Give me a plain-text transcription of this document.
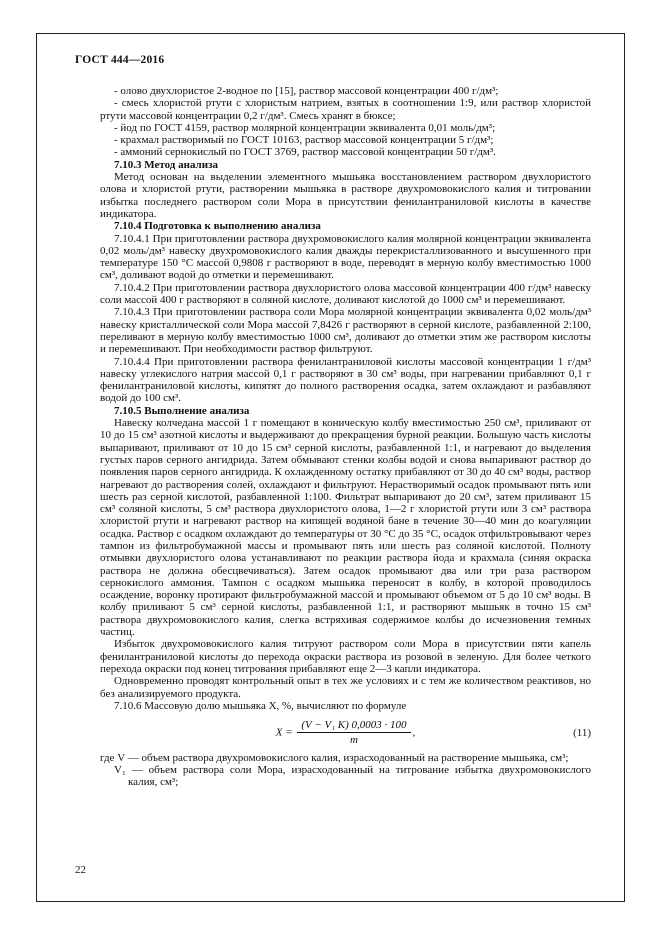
ГОСТ 444—2016
- олово двухлористое 2-водное по [15], раствор массовой концентрации 400 г/дм³;
- смесь хлористой ртути с хлористым натрием, взятых в соотношении 1:9, или раствор хлористой ртути массовой концентрации 0,2 г/дм³. Смесь хранят в бюксе;
- йод по ГОСТ 4159, раствор молярной концентрации эквивалента 0,01 моль/дм³;
- крахмал растворимый по ГОСТ 10163, раствор массовой концентрации 5 г/дм³;
- аммоний сернокислый по ГОСТ 3769, раствор массовой концентрации 50 г/дм³.
7.10.3 Метод анализа
Метод основан на выделении элементного мышьяка восстановлением раствором двухлористого олова и хлористой ртути, растворении мышьяка в растворе двухромовокислого калия и титровании избытка последнего раствором соли Мора в присутствии фенилантраниловой кислоты в качестве индикатора.
7.10.4 Подготовка к выполнению анализа
7.10.4.1 При приготовлении раствора двухромовокислого калия молярной концентрации эквивалента 0,02 моль/дм³ навеску двухромовокислого калия дважды перекристаллизованного и высушенного при температуре 150 °С массой 0,9808 г растворяют в воде, переводят в мерную колбу вместимостью 1000 см³, доливают водой до отметки и перемешивают.
7.10.4.2 При приготовлении раствора двухлористого олова массовой концентрации 400 г/дм³ навеску соли массой 400 г растворяют в соляной кислоте, доливают кислотой до 1000 см³ и перемешивают.
7.10.4.3 При приготовлении раствора соли Мора молярной концентрации эквивалента 0,02 моль/дм³ навеску кристаллической соли Мора массой 7,8426 г растворяют в серной кислоте, разбавленной 2:100, переливают в мерную колбу вместимостью 1000 см³, доливают до отметки этим же раствором кислоты и перемешивают. При необходимости раствор фильтруют.
7.10.4.4 При приготовлении раствора фенилантраниловой кислоты массовой концентрации 1 г/дм³ навеску углекислого натрия массой 0,1 г растворяют в 30 см³ воды, при нагревании прибавляют 0,1 г фенилантраниловой кислоты, кипятят до полного растворения осадка, затем охлаждают и разбавляют водой до 100 см³.
7.10.5 Выполнение анализа
Навеску колчедана массой 1 г помещают в коническую колбу вместимостью 250 см³, приливают от 10 до 15 см³ азотной кислоты и выдерживают до прекращения бурной реакции. Большую часть кислоты выпаривают, приливают от 10 до 15 см³ серной кислоты, разбавленной 1:1, и нагревают до выделения густых паров серного ангидрида. Затем обмывают стенки колбы водой и снова выпаривают раствор до появления паров серного ангидрида. К охлажденному остатку прибавляют от 30 до 40 см³ воды, раствор нагревают до растворения солей, охлаждают и фильтруют. Нерастворимый осадок промывают пять или шесть раз серной кислотой, разбавленной 1:100. Фильтрат выпаривают до 20 см³, затем приливают 15 см³ соляной кислоты, 5 см³ раствора двухлористого олова, 1—2 г хлористой ртути или 3 см³ раствора хлористой ртути и нагревают раствор на кипящей водяной бане в течение 30—40 мин до коагуляции осадка. Раствор с осадком охлаждают до температуры от 30 °С до 35 °С, осадок отфильтровывают через тампон из фильтробумажной массы и промывают пять или шесть раз соляной кислотой. Полноту отмывки двухлористого олова устанавливают по реакции раствора йода и крахмала (синяя окраска раствора не должна обесцвечиваться). Затем осадок промывают два или три раза раствором сернокислого аммония. Тампон с осадком мышьяка переносят в колбу, в которой проводилось осаждение, воронку протирают фильтробумажной массой и промывают объемом от 5 до 10 см³ воды. В колбу приливают 5 см³ серной кислоты, разбавленной 1:1, и растворяют мышьяк в точно 15 см³ раствора двухромовокислого калия, слегка встряхивая содержимое колбы до исчезновения темных частиц.
Избыток двухромовокислого калия титруют раствором соли Мора в присутствии пяти капель фенилантраниловой кислоты до перехода окраски раствора из розовой в зеленую. Для более четкого перехода окраски под конец титрования прибавляют еще 2—3 капли индикатора.
Одновременно проводят контрольный опыт в тех же условиях и с тем же количеством реактивов, но без анализируемого продукта.
7.10.6 Массовую долю мышьяка X, %, вычисляют по формуле
$X = \frac{\text{(V − V₁ K) 0,0003 · 100}}{m}$ ,	(11)
где V — объем раствора двухромовокислого калия, израсходованный на растворение мышьяка, см³;
V₁ — объем раствора соли Мора, израсходованный на титрование избытка двухромовокислого калия, см³;
22
